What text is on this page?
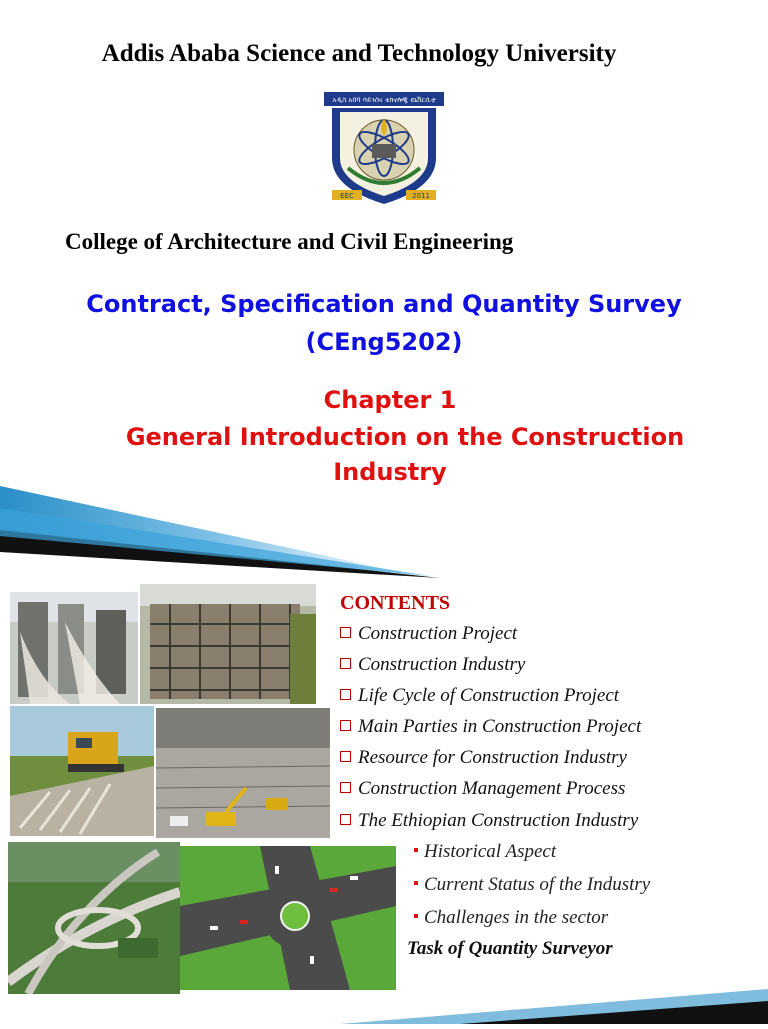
Addis Ababa Science and Technology University
አዲስ አበባ ሳይንስና ቴክኖሎጂ ዩኒቨርሲቲ
EEC	2011
College of Architecture and Civil Engineering
Contract, Specification and Quantity Survey
(CEng5202)
Chapter 1
General Introduction on the Construction
Industry
CONTENTS
Construction Project
Construction Industry
Life Cycle of Construction Project
Main Parties in Construction Project
Resource for Construction Industry
Construction Management Process
The Ethiopian Construction Industry
Historical Aspect
Current Status of the Industry
Challenges in the sector
Task of Quantity Surveyor
